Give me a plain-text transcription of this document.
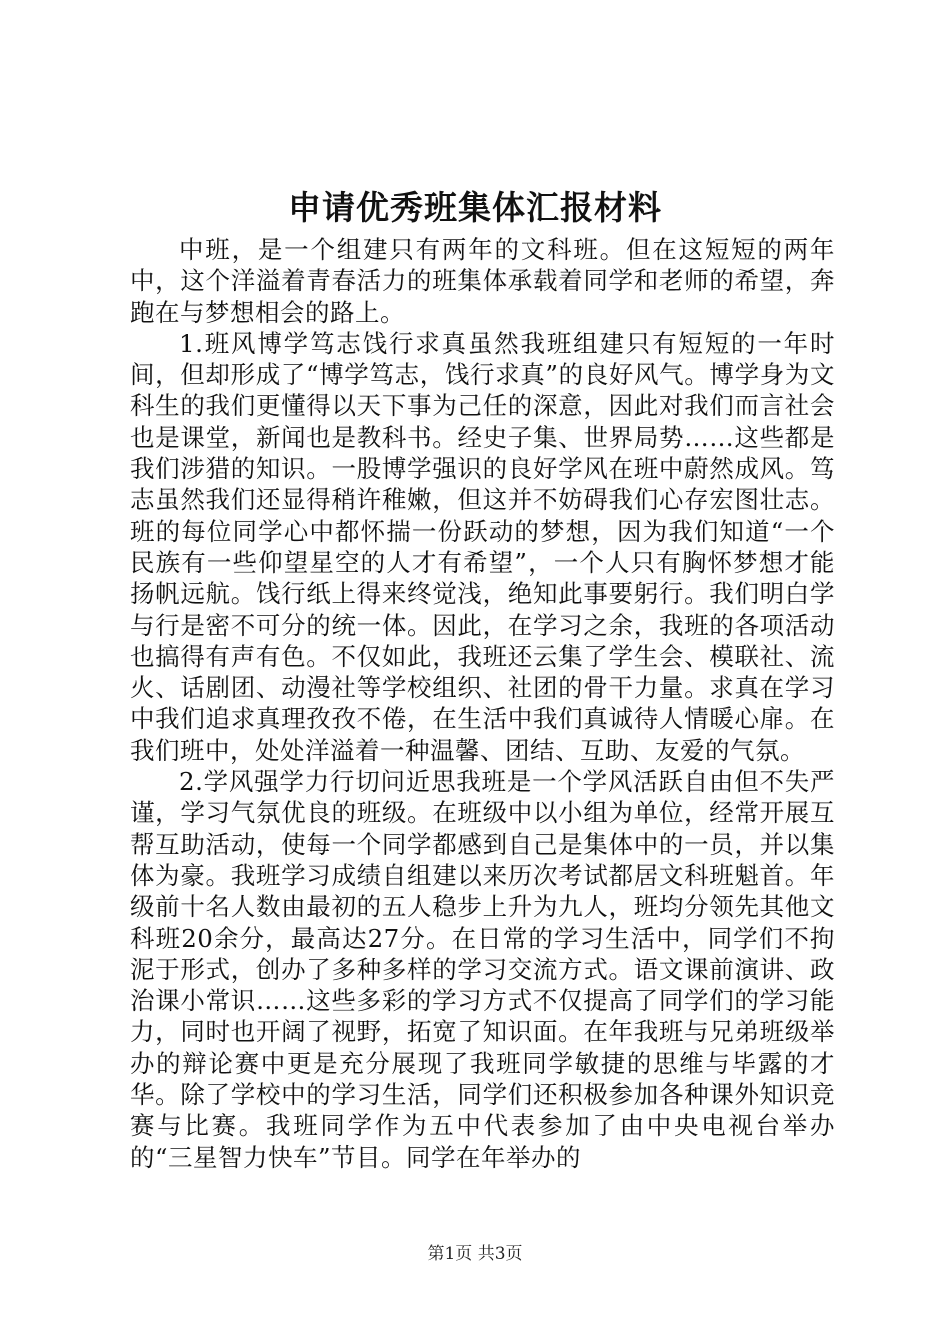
申请优秀班集体汇报材料

中班，是一个组建只有两年的文科班。但在这短短的两年中，这个洋溢着青春活力的班集体承载着同学和老师的希望，奔跑在与梦想相会的路上。

1.班风博学笃志饯行求真虽然我班组建只有短短的一年时间，但却形成了“博学笃志，饯行求真”的良好风气。博学身为文科生的我们更懂得以天下事为己任的深意，因此对我们而言社会也是课堂，新闻也是教科书。经史子集、世界局势……这些都是我们涉猎的知识。一股博学强识的良好学风在班中蔚然成风。笃志虽然我们还显得稍许稚嫩，但这并不妨碍我们心存宏图壮志。班的每位同学心中都怀揣一份跃动的梦想，因为我们知道“一个民族有一些仰望星空的人才有希望”，一个人只有胸怀梦想才能扬帆远航。饯行纸上得来终觉浅，绝知此事要躬行。我们明白学与行是密不可分的统一体。因此，在学习之余，我班的各项活动也搞得有声有色。不仅如此，我班还云集了学生会、模联社、流火、话剧团、动漫社等学校组织、社团的骨干力量。求真在学习中我们追求真理孜孜不倦，在生活中我们真诚待人情暖心扉。在我们班中，处处洋溢着一种温馨、团结、互助、友爱的气氛。

2.学风强学力行切问近思我班是一个学风活跃自由但不失严谨，学习气氛优良的班级。在班级中以小组为单位，经常开展互帮互助活动，使每一个同学都感到自己是集体中的一员，并以集体为豪。我班学习成绩自组建以来历次考试都居文科班魁首。年级前十名人数由最初的五人稳步上升为九人，班均分领先其他文科班20余分，最高达27分。在日常的学习生活中，同学们不拘泥于形式，创办了多种多样的学习交流方式。语文课前演讲、政治课小常识……这些多彩的学习方式不仅提高了同学们的学习能力，同时也开阔了视野，拓宽了知识面。在年我班与兄弟班级举办的辩论赛中更是充分展现了我班同学敏捷的思维与毕露的才华。除了学校中的学习生活，同学们还积极参加各种课外知识竞赛与比赛。我班同学作为五中代表参加了由中央电视台举办的“三星智力快车”节目。同学在年举办的

第1页 共3页
